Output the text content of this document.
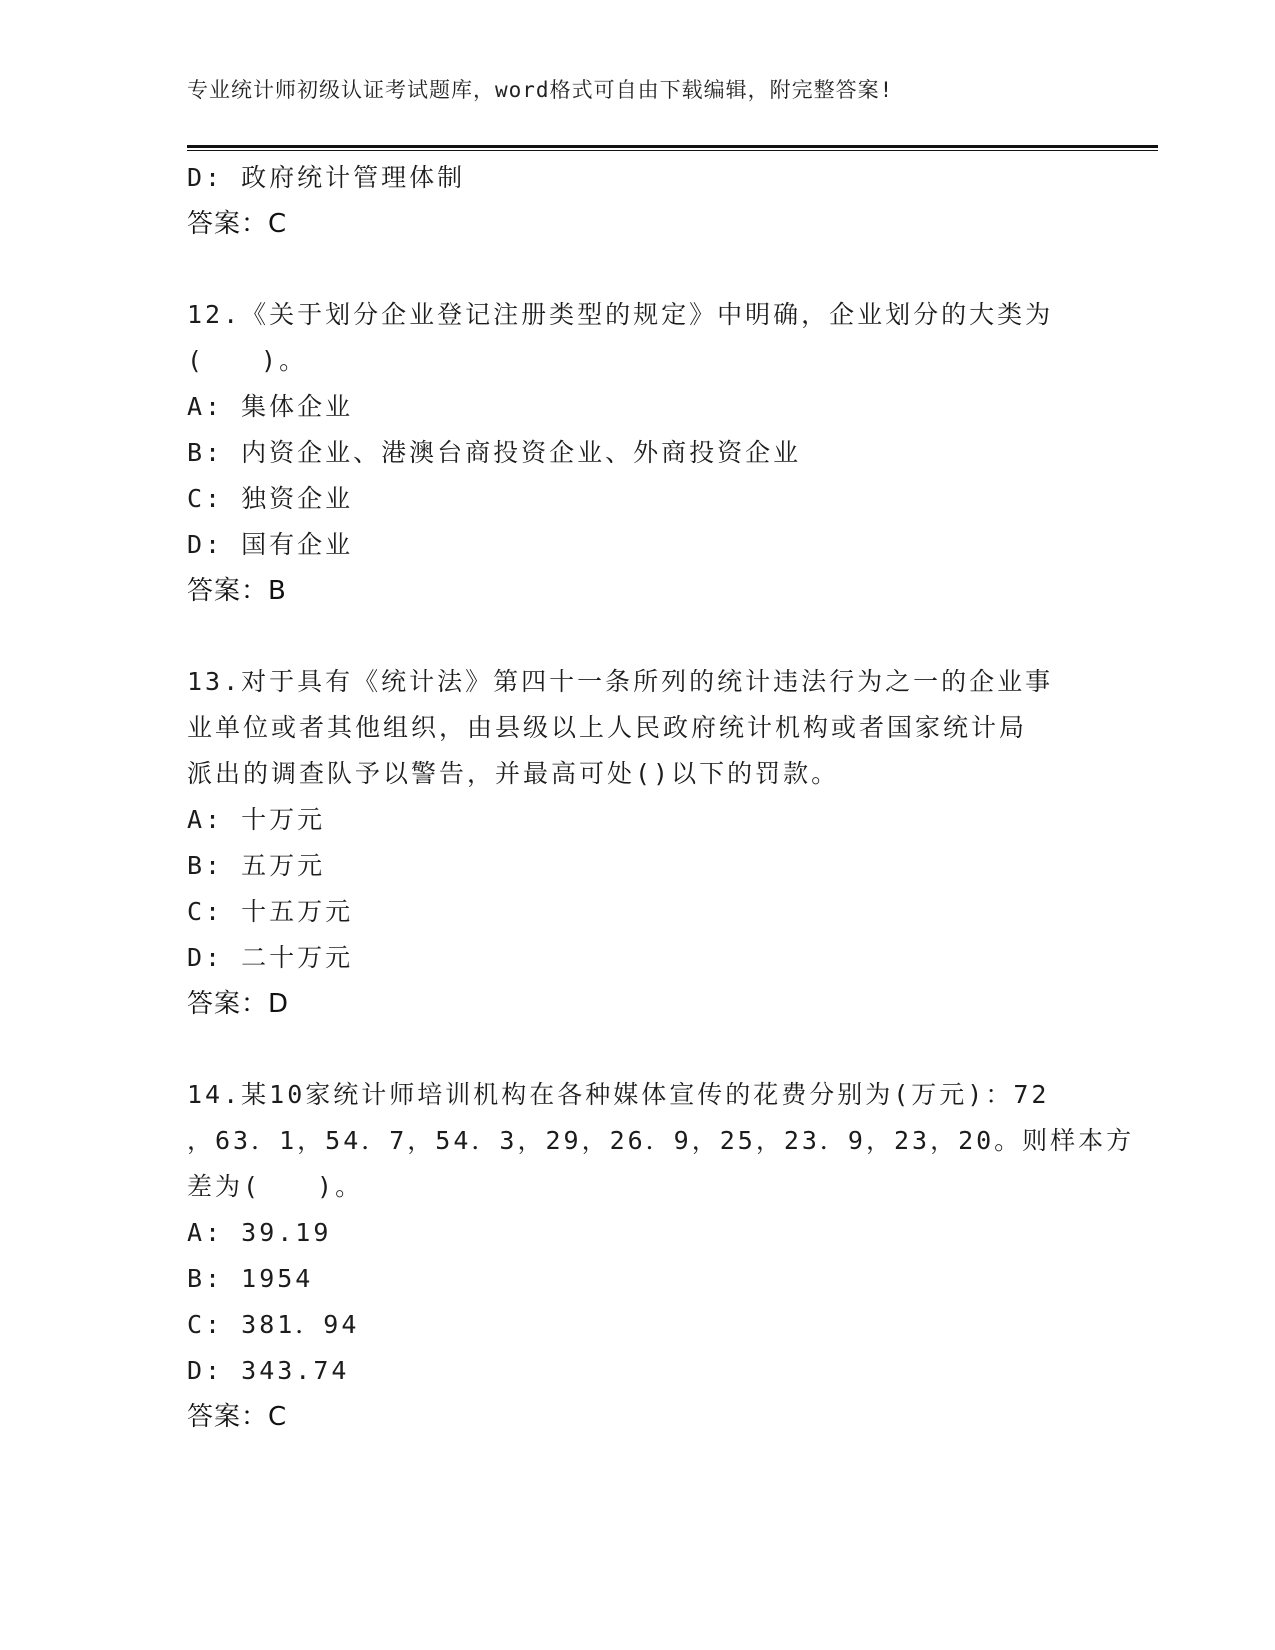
专业统计师初级认证考试题库，word格式可自由下载编辑，附完整答案!
D: 政府统计管理体制
答案：C
12.《关于划分企业登记注册类型的规定》中明确，企业划分的大类为
(　　)。
A: 集体企业
B: 内资企业、港澳台商投资企业、外商投资企业
C: 独资企业
D: 国有企业
答案：B
13.对于具有《统计法》第四十一条所列的统计违法行为之一的企业事
业单位或者其他组织，由县级以上人民政府统计机构或者国家统计局
派出的调查队予以警告，并最高可处()以下的罚款。
A: 十万元
B: 五万元
C: 十五万元
D: 二十万元
答案：D
14.某10家统计师培训机构在各种媒体宣传的花费分别为(万元)：72
，63．1，54．7，54．3，29，26．9，25，23．9，23，20。则样本方
差为(　　)。
A: 39.19
B: 1954
C: 381．94
D: 343.74
答案：C
